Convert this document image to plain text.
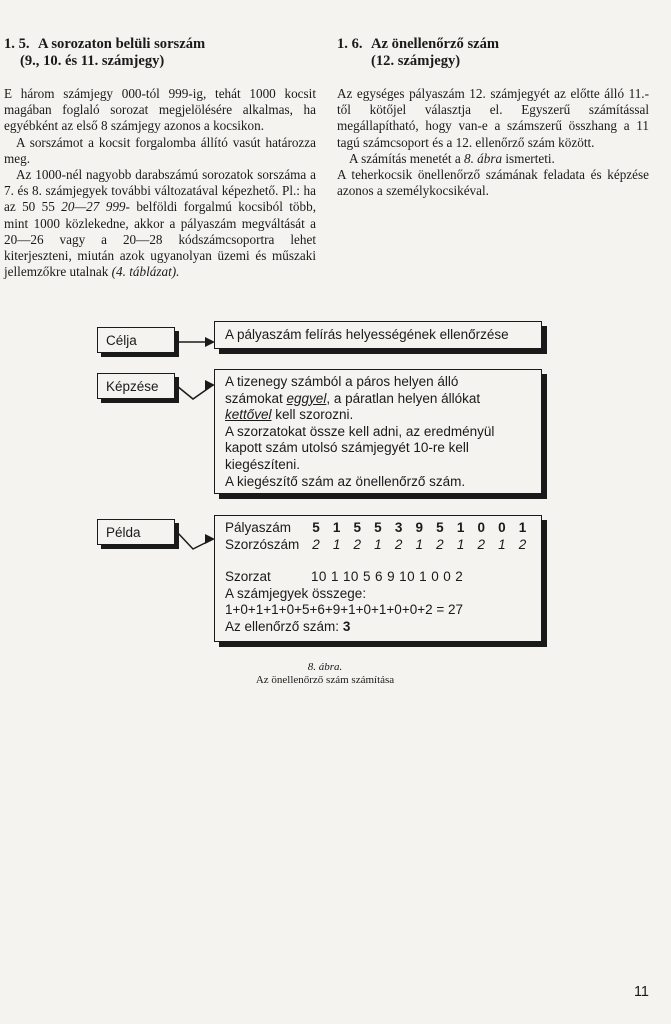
1. 5. A sorozaton belüli sorszám
(9., 10. és 11. számjegy)

E három számjegy 000-tól 999-ig, tehát 1000 kocsit magában foglaló sorozat megjelölésére alkalmas, ha egyébként az első 8 számjegy azonos a kocsikon.

A sorszámot a kocsit forgalomba állító vasút határozza meg.

Az 1000-nél nagyobb darabszámú sorozatok sorszáma a 7. és 8. számjegyek további változatával képezhető. Pl.: ha az 50 55 20—27 999- belföldi forgalmú kocsiból több, mint 1000 közlekedne, akkor a pályaszám megváltását a 20—26 vagy a 20—28 kódszámcsoportra lehet kiterjeszteni, miután azok ugyanolyan üzemi és műszaki jellemzőkre utalnak (4. táblázat).

1. 6. Az önellenőrző szám
(12. számjegy)

Az egységes pályaszám 12. számjegyét az előtte álló 11.-től kötőjel választja el. Egyszerű számítással megállapítható, hogy van-e a számszerű összhang a 11 tagú számcsoport és a 12. ellenőrző szám között.

A számítás menetét a 8. ábra ismerteti.

A teherkocsik önellenőrző számának feladata és képzése azonos a személykocsikéval.

Célja	A pályaszám felírás helyességének ellenőrzése
Képzése	A tizenegy számból a páros helyen álló
számokat eggyel, a páratlan helyen állókat
kettővel kell szorozni.
A szorzatokat össze kell adni, az eredményül
kapott szám utolsó számjegyét 10-re kell
kiegészíteni.
A kiegészítő szám az önellenőrző szám.
Példa	Pályaszám	5 1 5 5 3 9 5 1 0 0 1
Szorzószám 2 1 2 1 2 1 2 1 2 1 2
Szorzat	10 1 10 5 6 9 10 1 0 0 2
A számjegyek összege:
1+0+1+1+0+5+6+9+1+0+1+0+0+2 = 27
Az ellenőrző szám: 3
8. ábra.
Az önellenőrző szám számítása
11
